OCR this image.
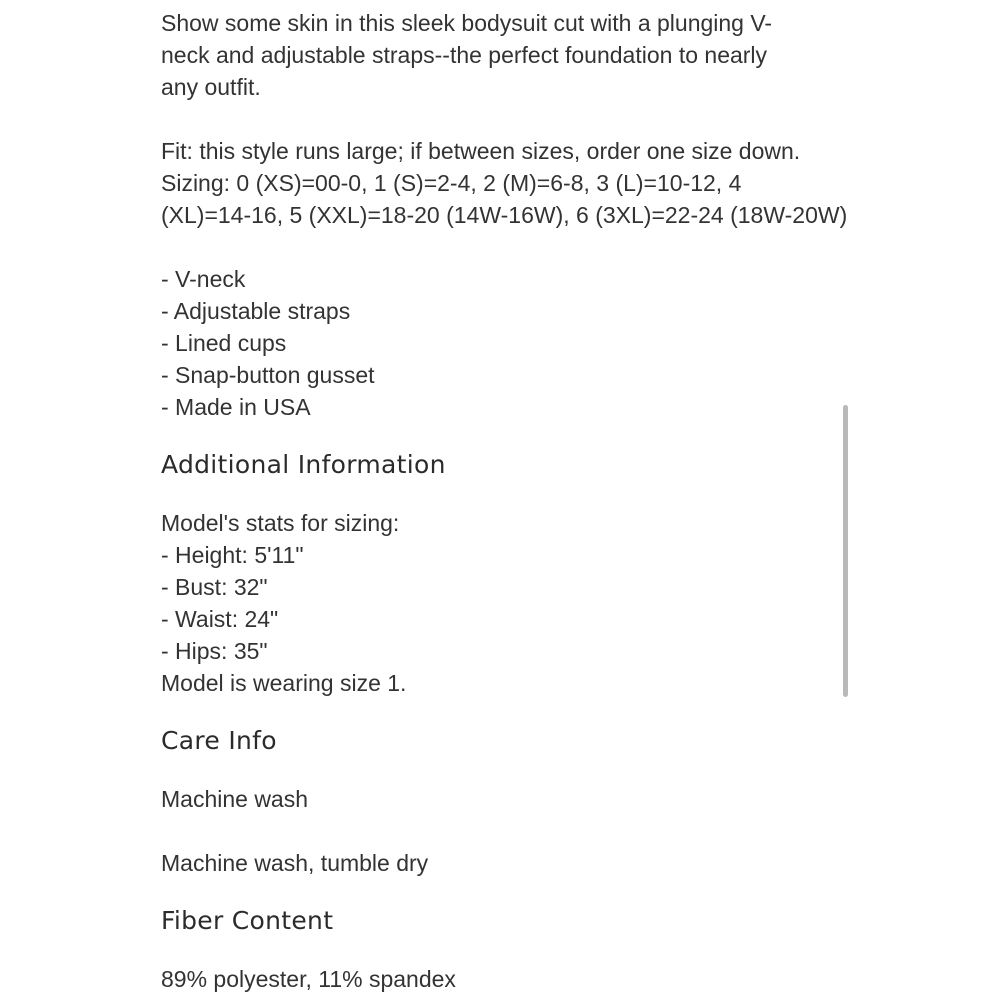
Show some skin in this sleek bodysuit cut with a plunging V-
neck and adjustable straps--the perfect foundation to nearly
any outfit.
Fit: this style runs large; if between sizes, order one size down.
Sizing: 0 (XS)=00-0, 1 (S)=2-4, 2 (M)=6-8, 3 (L)=10-12, 4
(XL)=14-16, 5 (XXL)=18-20 (14W-16W), 6 (3XL)=22-24 (18W-20W)
- V-neck
- Adjustable straps
- Lined cups
- Snap-button gusset
- Made in USA
Additional Information
Model's stats for sizing:
- Height: 5'11"
- Bust: 32"
- Waist: 24"
- Hips: 35"
Model is wearing size 1.
Care Info
Machine wash
Machine wash, tumble dry
Fiber Content
89% polyester, 11% spandex
